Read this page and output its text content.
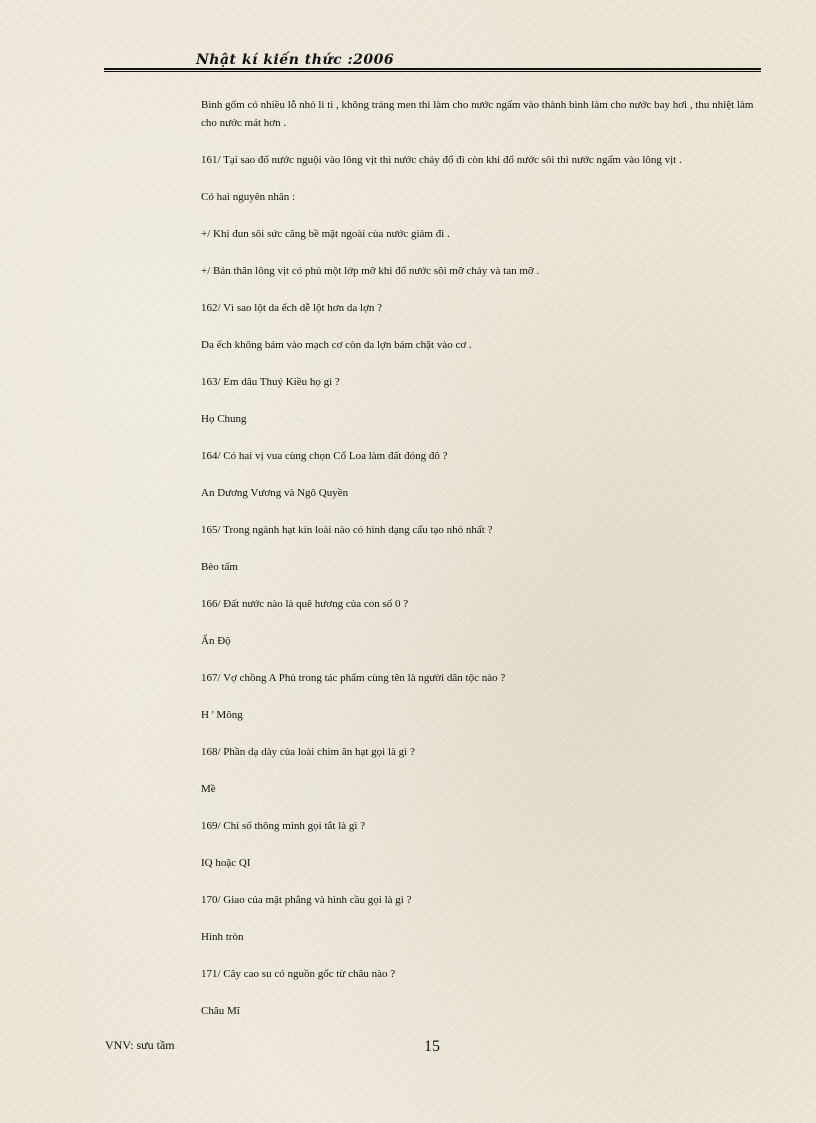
Nhật kí kiến thức :2006

Bình gốm có nhiều lỗ nhỏ li ti , không tráng men thì làm cho nước ngấm vào thành bình làm cho nước bay hơi , thu nhiệt làm cho nước mát hơn .

161/ Tại sao đổ nước nguội vào lông vịt thì nước chảy đổ đi còn khi đổ nước sôi thì nước ngấm vào lông vịt .
Có hai nguyên nhân :
+/ Khi đun sôi sức căng bề mặt ngoài của nước giảm đi .
+/ Bản thân lông vịt có phủ một lớp mỡ khi đổ nước sôi mỡ chảy và tan mỡ .
162/ Vì sao lột da ếch dễ lột hơn da lợn ?
Da ếch không bám vào mạch cơ còn da lợn bám chặt vào cơ .
163/ Em dâu Thuý Kiều họ gì ?
Họ Chung
164/ Có hai vị vua cùng chọn Cổ Loa làm đất đóng đô ?
An Dương Vương và Ngô Quyền
165/ Trong ngành hạt kín loài nào có hình dạng cấu tạo nhỏ nhất ?
Bèo tấm
166/ Đất nước nào là quê hương của con số 0 ?
Ấn Độ
167/ Vợ chồng A Phủ trong tác phẩm cùng tên là người dân tộc nào ?
H ' Mông
168/ Phần dạ dày của loài chim ăn hạt gọi là gì ?
Mề
169/ Chỉ số thông minh gọi tắt là gì ?
IQ hoặc QI
170/ Giao của mặt phẳng và hình cầu gọi là gì ?
Hình tròn
171/ Cây cao su có nguồn gốc từ châu nào ?
Châu Mĩ
VNV: sưu tầm	15
